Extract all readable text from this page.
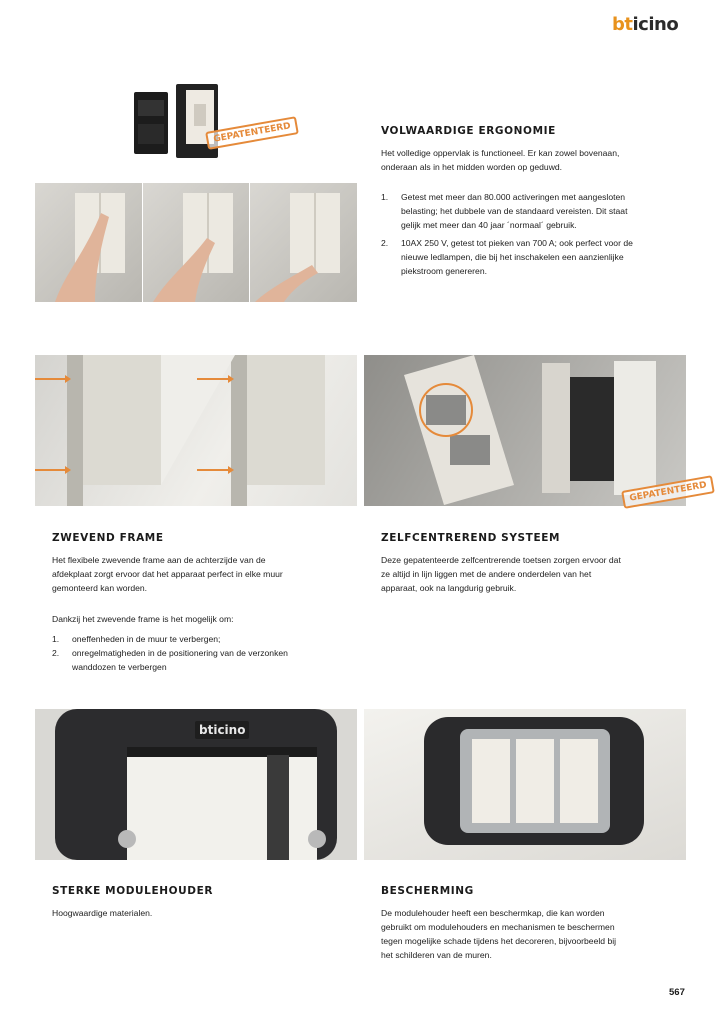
bticino
GEPATENTEERD	VOLWAARDIGE ERGONOMIE
Het volledige oppervlak is functioneel. Er kan zowel bovenaan, onderaan als in het midden worden op geduwd.
1. Getest met meer dan 80.000 activeringen met aangesloten belasting; het dubbele van de standaard vereisten. Dit staat gelijk met meer dan 40 jaar ´normaal´ gebruik.
2. 10AX 250 V, getest tot pieken van 700 A; ook perfect voor de nieuwe ledlampen, die bij het inschakelen een aanzienlijke piekstroom genereren.
GEPATENTEERD
ZWEVEND FRAME
Het flexibele zwevende frame aan de achterzijde van de afdekplaat zorgt ervoor dat het apparaat perfect in elke muur gemonteerd kan worden.
Dankzij het zwevende frame is het mogelijk om:
1. oneffenheden in de muur te verbergen;
2. onregelmatigheden in de positionering van de verzonken wanddozen te verbergen
ZELFCENTREREND SYSTEEM
Deze gepatenteerde zelfcentrerende toetsen zorgen ervoor dat ze altijd in lijn liggen met de andere onderdelen van het apparaat, ook na langdurig gebruik.
bticino
STERKE MODULEHOUDER
Hoogwaardige materialen.
BESCHERMING
De modulehouder heeft een beschermkap, die kan worden gebruikt om modulehouders en mechanismen te beschermen tegen mogelijke schade tijdens het decoreren, bijvoorbeeld bij het schilderen van de muren.
567
